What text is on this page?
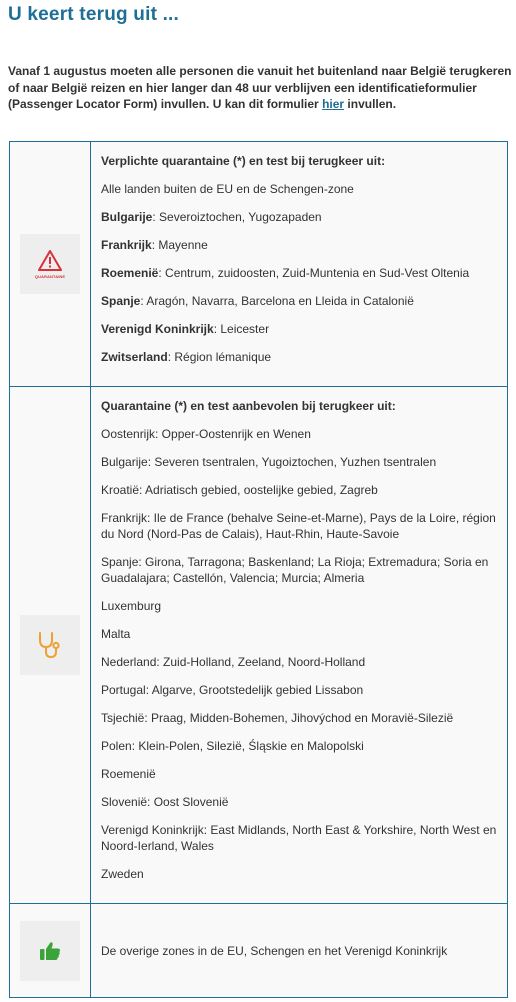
U keert terug uit ...

Vanaf 1 augustus moeten alle personen die vanuit het buitenland naar België terugkeren of naar België reizen en hier langer dan 48 uur verblijven een identificatieformulier (Passenger Locator Form) invullen. U kan dit formulier hier invullen.

QUARANTAINE

Verplichte quarantaine (*) en test bij terugkeer uit:

Alle landen buiten de EU en de Schengen-zone

Bulgarije: Severoiztochen, Yugozapaden

Frankrijk: Mayenne

Roemenië: Centrum, zuidoosten, Zuid-Muntenia en Sud-Vest Oltenia

Spanje: Aragón, Navarra, Barcelona en Lleida in Catalonië

Verenigd Koninkrijk: Leicester

Zwitserland: Région lémanique

Quarantaine (*) en test aanbevolen bij terugkeer uit:

Oostenrijk: Opper-Oostenrijk en Wenen

Bulgarije: Severen tsentralen, Yugoiztochen, Yuzhen tsentralen

Kroatië: Adriatisch gebied, oostelijke gebied, Zagreb

Frankrijk: Ile de France (behalve Seine-et-Marne), Pays de la Loire, région du Nord (Nord-Pas de Calais), Haut-Rhin, Haute-Savoie

Spanje: Girona, Tarragona; Baskenland; La Rioja; Extremadura; Soria en Guadalajara; Castellón, Valencia; Murcia; Almeria

Luxemburg

Malta

Nederland: Zuid-Holland, Zeeland, Noord-Holland

Portugal: Algarve, Grootstedelijk gebied Lissabon

Tsjechië: Praag, Midden-Bohemen, Jihovýchod en Moravië-Silezië

Polen: Klein-Polen, Silezië, Śląskie en Malopolski

Roemenië

Slovenië: Oost Slovenië

Verenigd Koninkrijk: East Midlands, North East & Yorkshire, North West en Noord-Ierland, Wales

Zweden

De overige zones in de EU, Schengen en het Verenigd Koninkrijk
